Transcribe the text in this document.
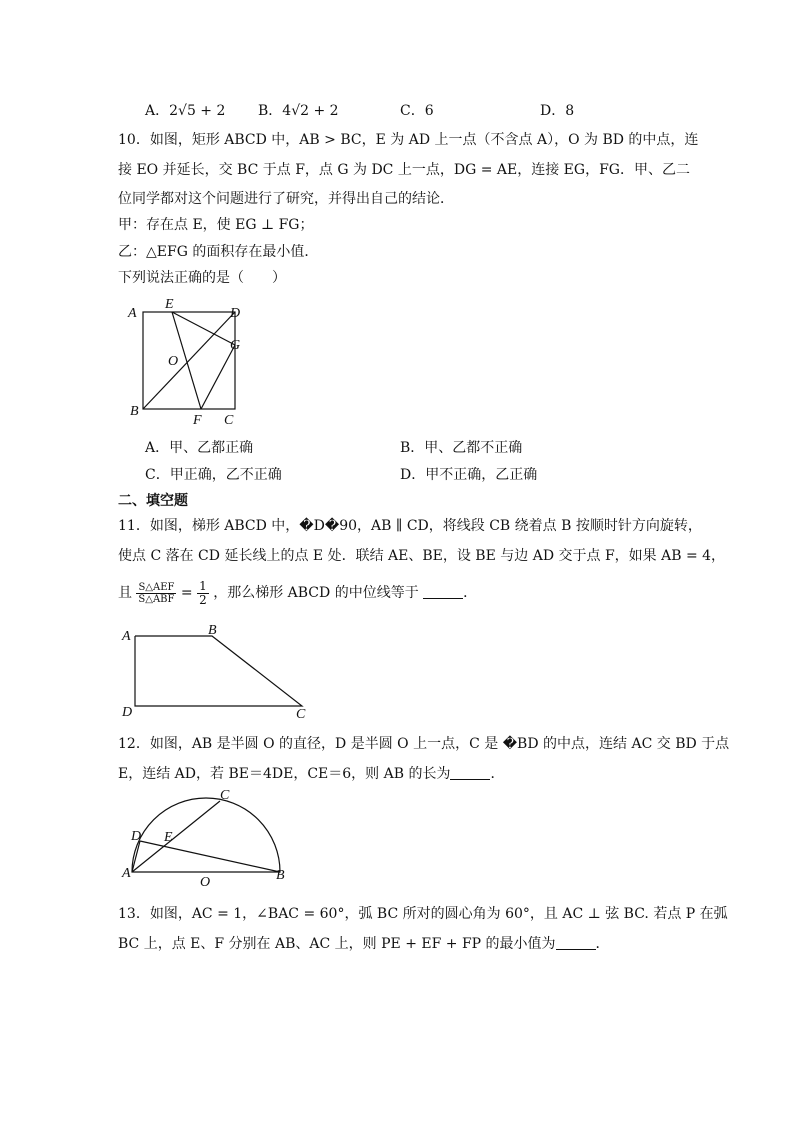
A．2√5 + 2 B．4√2 + 2	C．6	D．8
10．如图，矩形 ABCD 中，AB > BC，E 为 AD 上一点（不含点 A），O 为 BD 的中点，连
接 EO 并延长，交 BC 于点 F，点 G 为 DC 上一点，DG = AE，连接 EG，FG．甲、乙二
位同学都对这个问题进行了研究，并得出自己的结论．
甲：存在点 E，使 EG ⊥ FG；
乙：△EFG 的面积存在最小值．
下列说法正确的是（　　）
A
E
D
G
O
B
F C
A．甲、乙都正确	B．甲、乙都不正确
C．甲正确，乙不正确	D．甲不正确，乙正确
二、填空题
11．如图，梯形 ABCD 中，�D�90，AB ∥ CD，将线段 CB 绕着点 B 按顺时针方向旋转，
使点 C 落在 CD 延长线上的点 E 处．联结 AE、BE，设 BE 与边 AD 交于点 F，如果 AB = 4，
且 $\frac{\text{S△AEF}}{\text{S△ABF}} = \frac{1}{2}$ ，那么梯形 ABCD 的中位线等于	．
A	B
D	C
12．如图，AB 是半圆 O 的直径，D 是半圆 O 上一点，C 是 �BD 的中点，连结 AC 交 BD 于点
E，连结 AD，若 BE＝4DE，CE＝6，则 AB 的长为	．
C
D E
A
O	B
13．如图，AC = 1，∠BAC = 60°，弧 BC 所对的圆心角为 60°，且 AC ⊥ 弦 BC. 若点 P 在弧
BC 上，点 E、F 分别在 AB、AC 上，则 PE + EF + FP 的最小值为	．
